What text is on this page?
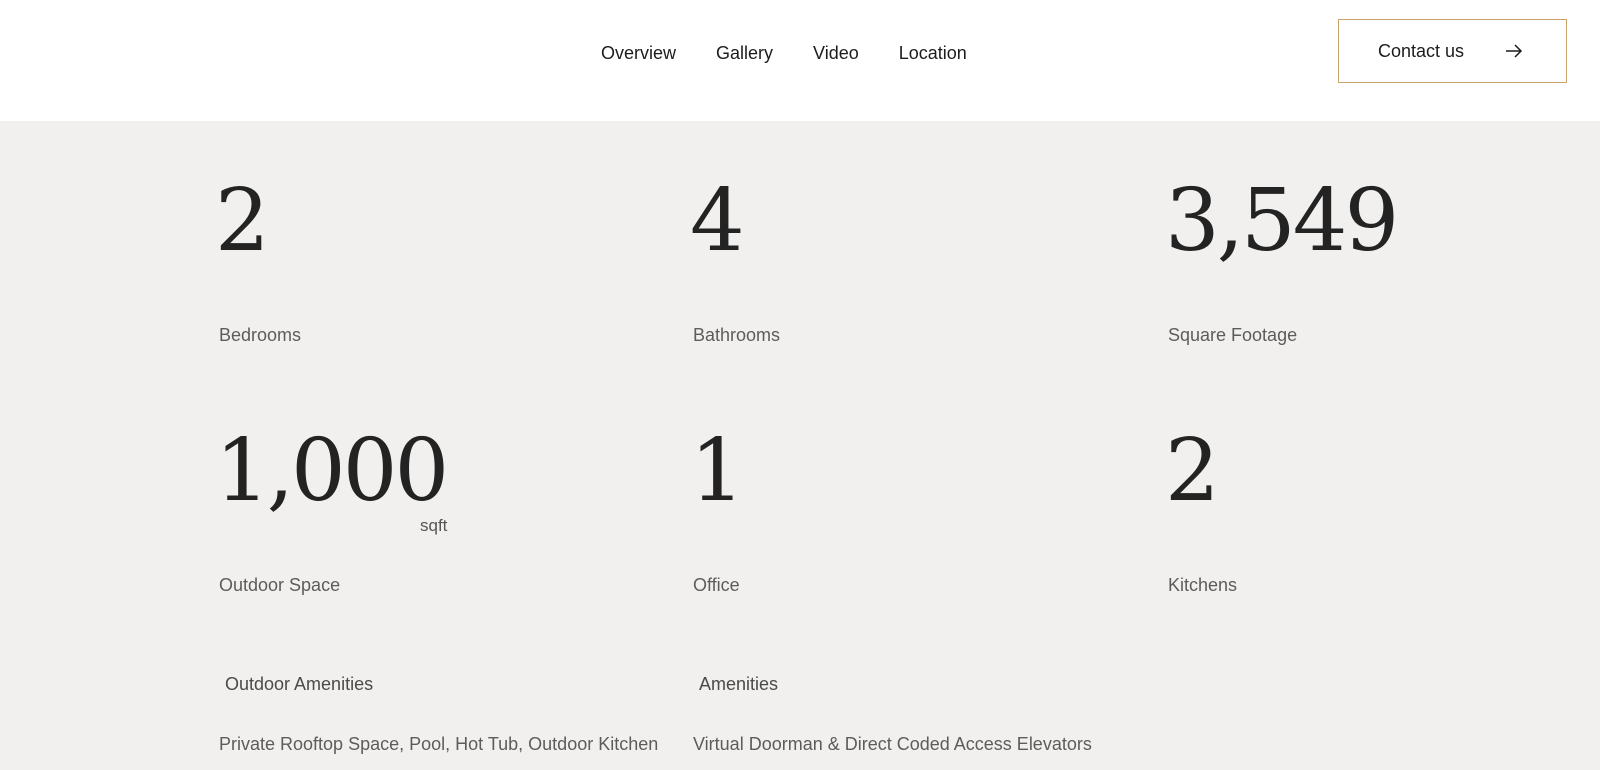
Overview Gallery Video Location	Contact us
2
Bedrooms
4
Bathrooms
3,549
Square Footage
1,000
sqft
Outdoor Space
1
Office
2
Kitchens
Outdoor Amenities
Private Rooftop Space, Pool, Hot Tub, Outdoor Kitchen
Amenities
Virtual Doorman & Direct Coded Access Elevators
